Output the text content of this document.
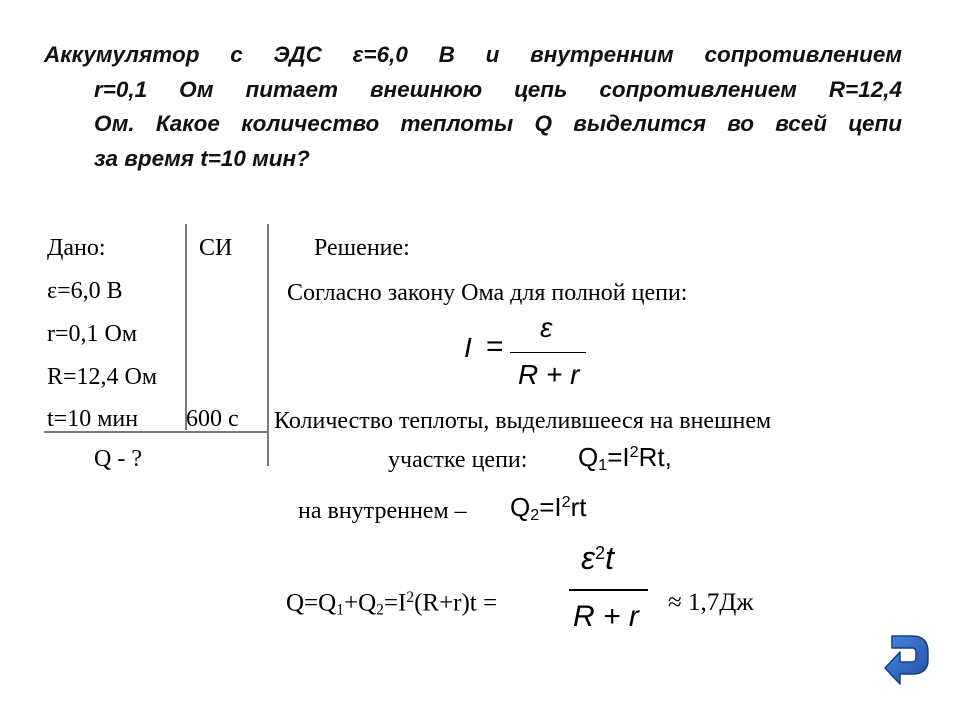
Аккумулятор с ЭДС ε=6,0 В и внутренним сопротивлением
r=0,1 Ом питает внешнюю цепь сопротивлением R=12,4
Ом. Какое количество теплоты Q выделится во всей цепи
за время t=10 мин?
Дано:
ε=6,0 В
r=0,1 Ом
R=12,4 Ом
t=10 мин
Q - ?
СИ
600 с
Решение:
Согласно закону Ома для полной цепи:
I =
ε
R + r
Количество теплоты, выделившееся на внешнем
участке цепи: $Q_1=I^2Rt$,
на внутреннем – $Q_2=I^2rt$
$Q=Q_1+Q_2=I^2(R+r)t$ =
$\varepsilon^2t$
R + r ≈ 1,7Дж
